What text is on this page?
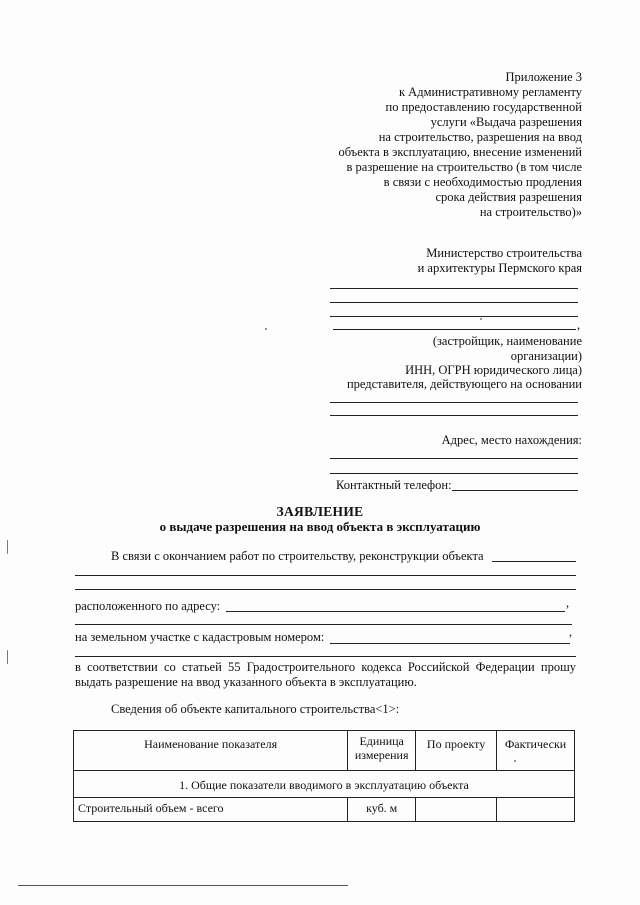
Приложение 3
к Административному регламенту
по предоставлению государственной
услуги «Выдача разрешения
на строительство, разрешения на ввод
объекта в эксплуатацию, внесение изменений
в разрешение на строительство (в том числе
в связи с необходимостью продления
срока действия разрешения
на строительство)»
Министерство строительства
и архитектуры Пермского края
,
(застройщик, наименование
организации)
ИНН, ОГРН юридического лица)
представителя, действующего на основании
Адрес, место нахождения:
Контактный телефон:
ЗАЯВЛЕНИЕ
о выдаче разрешения на ввод объекта в эксплуатацию
В связи с окончанием работ по строительству, реконструкции объекта
расположенного по адресу:	,
на земельном участке с кадастровым номером:	,
в соответствии со статьей 55 Градостроительного кодекса Российской Федерации прошу
выдать разрешение на ввод указанного объекта в эксплуатацию.
Сведения об объекте капитального строительства<1>:
Наименование показателя	Единица измерения	По проекту	Фактически
1. Общие показатели вводимого в эксплуатацию объекта			
Строительный объем - всего	куб. м		
